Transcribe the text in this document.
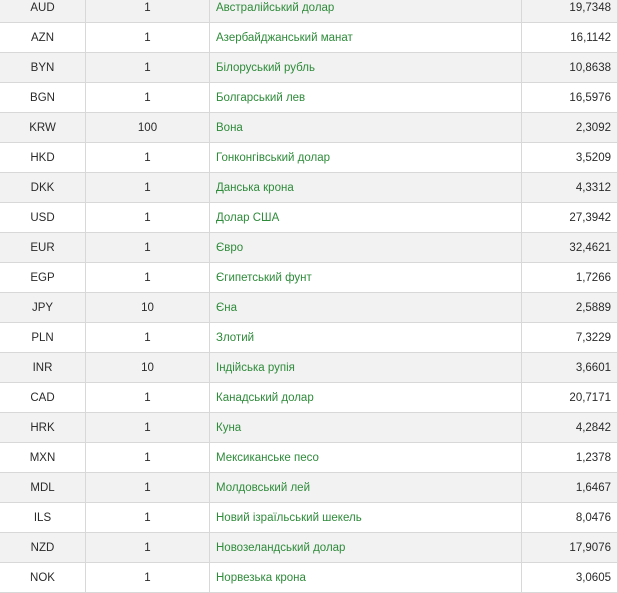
AUD	1	Австралійський долар	19,7348
AZN	1	Азербайджанський манат	16,1142
BYN	1	Білоруський рубль	10,8638
BGN	1	Болгарський лев	16,5976
KRW	100	Вона	2,3092
HKD	1	Гонконгівський долар	3,5209
DKK	1	Данська крона	4,3312
USD	1	Долар США	27,3942
EUR	1	Євро	32,4621
EGP	1	Єгипетський фунт	1,7266
JPY	10	Єна	2,5889
PLN	1	Злотий	7,3229
INR	10	Індійська рупія	3,6601
CAD	1	Канадський долар	20,7171
HRK	1	Куна	4,2842
MXN	1	Мексиканське песо	1,2378
MDL	1	Молдовський лей	1,6467
ILS	1	Новий ізраїльський шекель	8,0476
NZD	1	Новозеландський долар	17,9076
NOK	1	Норвезька крона	3,0605
